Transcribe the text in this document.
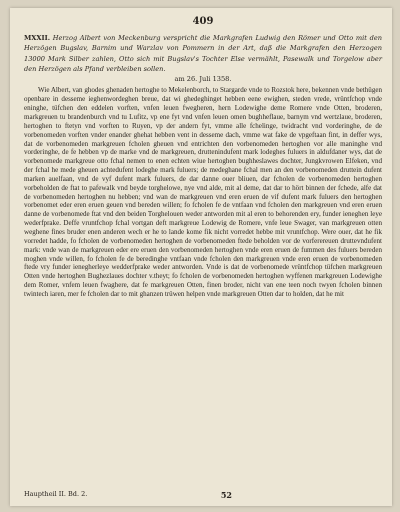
409
MXXII. Herzog Albert von Meckenburg verspricht die Markgrafen Ludwig den Römer und Otto mit den Herzögen Bugslav, Barnim und Warzlav von Pommern in der Art, daß die Markgrafen den Herzogen 13000 Mark Silber zahlen, Otto sich mit Bugslav's Tochter Else vermählt, Pasewalk und Torgelow aber den Herzögen als Pfand verbleiben sollen.
am 26. Juli 1358.

Wie Albert, van ghodes ghenaden hertoghe to Mekelenborch, to Stargarde vnde to Rozstok here, bekennen vnde bethügen openbare in desseme ieghenwordeghen breue, dat wi ghedeghinget hebben eene ewighen, steden vrede, vrüntfchop vnde eninghe, tüfchen den eddelen vorften, vnfen leuen fwegheren, hern Lodewighe deme Romere vnde Otten, broderen, markgreuen tu brandenburch vnd tu Lufitz, vp ene fyt vnd vnfen leuen omen bughheflaue, barnym vnd wertzlaue, broderen, hertoghen to ftetyn vnd vorften to Ruyen, vp der andern fyt, vmme alle fchelinge, twidracht vnd vorderinghe, de de vorbenomeden vorften vnder enander ghehat hebben vent in desseme dach, vmme wat fake de vpgeftaan fint, in deffer wys, dat de vorbenomeden markgreuen fcholen gheuen vnd entrichten den vorbenomeden hertoghen vor alle maninghe vnd vorderinghe, de fe hebben vp de marke vnd de markgreuen, druttenindufent mark lodeghes fuluers in aldufdaner wys, dat de vorbenomede markgreue otto fchal nemen to enen echten wiue hertoghen bughheslawes dochter, Jungkvrowen Elfeken, vnd der fchal he mede gheuen achtedufent lodeghe mark fuluers; de medeghane fchal men an den vorbenomeden druttein dufent marken auelfaan, vnd de vyf dufent mark fuluers, de dar danne ouer bliuen, dar fcholen de vorbenomeden hertoghen vorbeholden de ftat to pafewalk vnd beyde torghelowe, nye vnd alde, mit al deme, dat dar to hört binnen der fchede, alfe dat de vorbenomeden hertoghen nu hebben; vnd wan de markgreuen vnd eren eruen de vif dufent mark fuluers den hertoghen vorbenomet eder eren eruen geuen vnd bereden willen; fo fcholen fe de vntfaan vnd fcholen den markgreuen vnd eren eruen danne de vorbenomede ftat vnd den beiden Torghelouen weder antworden mit al eren to behorenden ery, funder ieneghen leye wederfprake. Deffe vruntfchop fchal vortgan deft markgreue Lodewig de Romere, vnfe leue Swager, van markgreuen otten weghene fines bruder enen anderen wech er he to lande kome fik nicht vorredet hebbe mit vruntfchop. Were ouer, dat he fik vorredet hadde, fo fcholen de vorbenomeden hertoghen de vorbenomeden ftede beholden vor de vorferereuen druttevndufent mark: vnde wan de markgreuen eder ere eruen den vorbenomeden hertoghen vnde eren eruen de fummen des fuluers bereden moghen vnde willen, fo fcholen fe de beredinghe vntfaan vnde fcholen den markgreuen vnde eren eruen de vorbenomeden ftede vry funder ienegherleye wedderfprake weder antworden. Vnde is dat de vorbenomede vrüntfchop tüfchen markgreuen Otten vnde hertoghen Bughezlaues dochter v.theyt; fo fcholen de vorbenomeden hertoghen wyffenen markgreuen Lodewighe dem Romer, vnfem leuen fwaghere, dat fe markgreuen Otten, finen broder, nicht van ene teen noch twyen fcholen binnen twintech iaren, mer fe fcholen dar to mit ghanzen trüwen helpen vnde markgreuen Otten dar to holden, dat he mit

Hauptheil II. Bd. 2.	52
